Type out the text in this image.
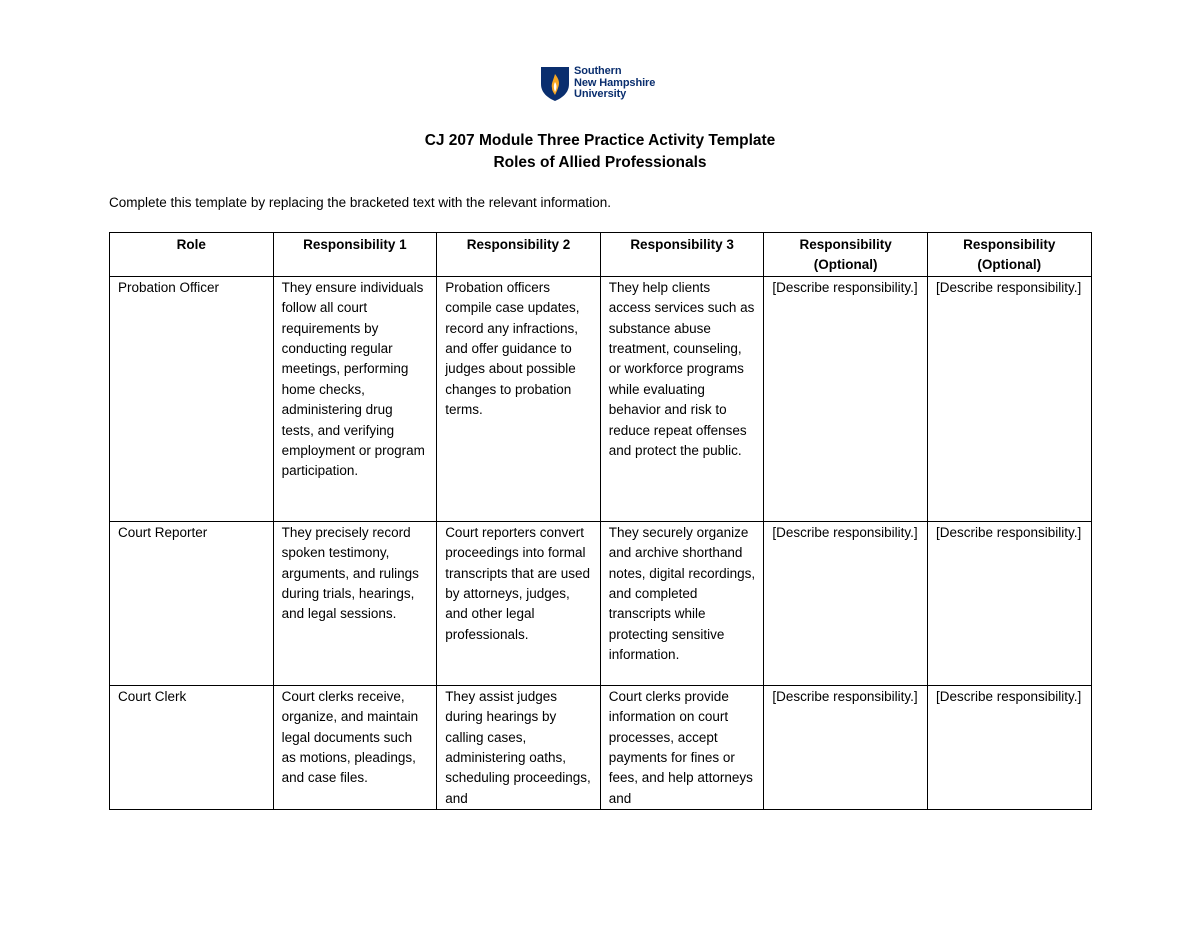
Southern
New Hampshire
University
CJ 207 Module Three Practice Activity Template
Roles of Allied Professionals
Complete this template by replacing the bracketed text with the relevant information.
Role	Responsibility 1	Responsibility 2	Responsibility 3	Responsibility (Optional)	Responsibility (Optional)
Probation Officer	They ensure individuals follow all court requirements by conducting regular meetings, performing home checks, administering drug tests, and verifying employment or program participation.	Probation officers compile case updates, record any infractions, and offer guidance to judges about possible changes to probation terms.	They help clients access services such as substance abuse treatment, counseling, or workforce programs while evaluating behavior and risk to reduce repeat offenses and protect the public.	[Describe responsibility.]	[Describe responsibility.]
Court Reporter	They precisely record spoken testimony, arguments, and rulings during trials, hearings, and legal sessions.	Court reporters convert proceedings into formal transcripts that are used by attorneys, judges, and other legal professionals.	They securely organize and archive shorthand notes, digital recordings, and completed transcripts while protecting sensitive information.	[Describe responsibility.]	[Describe responsibility.]
Court Clerk	Court clerks receive, organize, and maintain legal documents such as motions, pleadings, and case files.	They assist judges during hearings by calling cases, administering oaths, scheduling proceedings, and	Court clerks provide information on court processes, accept payments for fines or fees, and help attorneys and	[Describe responsibility.]	[Describe responsibility.]
